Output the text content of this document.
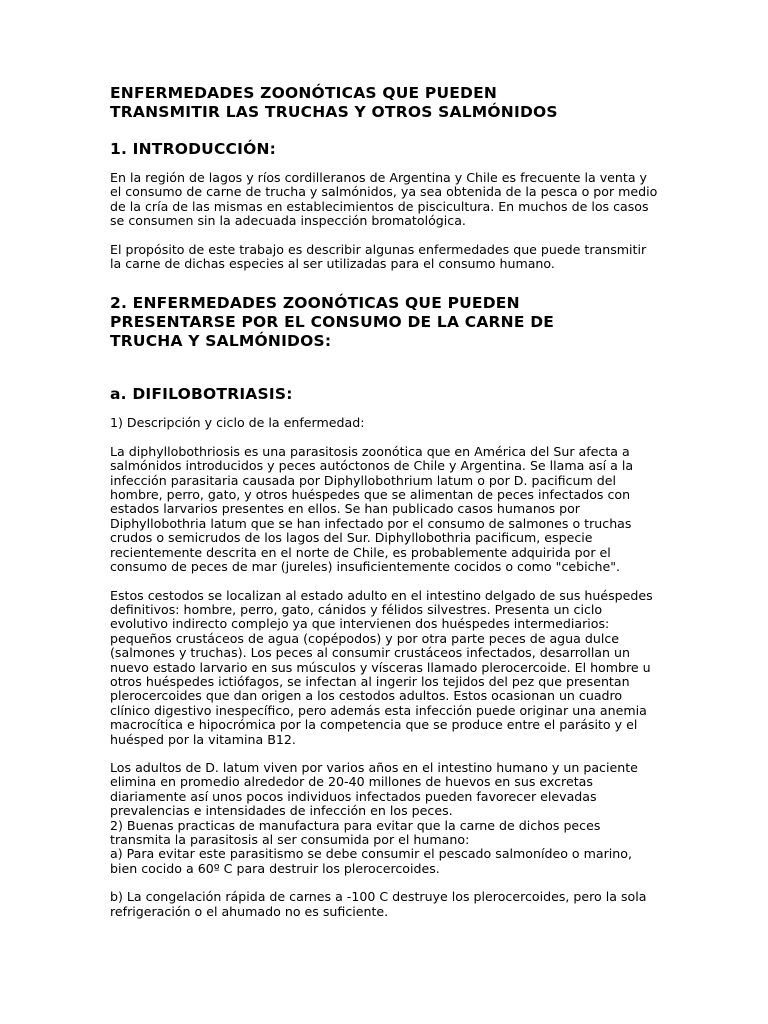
ENFERMEDADES ZOONÓTICAS QUE PUEDEN
TRANSMITIR LAS TRUCHAS Y OTROS SALMÓNIDOS
1. INTRODUCCIÓN:

En la región de lagos y ríos cordilleranos de Argentina y Chile es frecuente la venta y el consumo de carne de trucha y salmónidos, ya sea obtenida de la pesca o por medio de la cría de las mismas en establecimientos de piscicultura. En muchos de los casos se consumen sin la adecuada inspección bromatológica.

El propósito de este trabajo es describir algunas enfermedades que puede transmitir la carne de dichas especies al ser utilizadas para el consumo humano.

2. ENFERMEDADES ZOONÓTICAS QUE PUEDEN
PRESENTARSE POR EL CONSUMO DE LA CARNE DE
TRUCHA Y SALMÓNIDOS:
a. DIFILOBOTRIASIS:

1) Descripción y ciclo de la enfermedad:

La diphyllobothriosis es una parasitosis zoonótica que en América del Sur afecta a salmónidos introducidos y peces autóctonos de Chile y Argentina. Se llama así a la infección parasitaria causada por Diphyllobothrium latum o por D. pacificum del hombre, perro, gato, y otros huéspedes que se alimentan de peces infectados con estados larvarios presentes en ellos. Se han publicado casos humanos por Diphyllobothria latum que se han infectado por el consumo de salmones o truchas crudos o semicrudos de los lagos del Sur. Diphyllobothria pacificum, especie recientemente descrita en el norte de Chile, es probablemente adquirida por el consumo de peces de mar (jureles) insuficientemente cocidos o como "cebiche".

Estos cestodos se localizan al estado adulto en el intestino delgado de sus huéspedes definitivos: hombre, perro, gato, cánidos y félidos silvestres. Presenta un ciclo evolutivo indirecto complejo ya que intervienen dos huéspedes intermediarios: pequeños crustáceos de agua (copépodos) y por otra parte peces de agua dulce (salmones y truchas). Los peces al consumir crustáceos infectados, desarrollan un nuevo estado larvario en sus músculos y vísceras llamado plerocercoide. El hombre u otros huéspedes ictiófagos, se infectan al ingerir los tejidos del pez que presentan plerocercoides que dan origen a los cestodos adultos. Estos ocasionan un cuadro clínico digestivo inespecífico, pero además esta infección puede originar una anemia macrocítica e hipocrómica por la competencia que se produce entre el parásito y el huésped por la vitamina B12.

Los adultos de D. latum viven por varios años en el intestino humano y un paciente elimina en promedio alrededor de 20-40 millones de huevos en sus excretas diariamente así unos pocos individuos infectados pueden favorecer elevadas prevalencias e intensidades de infección en los peces.

2) Buenas practicas de manufactura para evitar que la carne de dichos peces transmita la parasitosis al ser consumida por el humano:

a) Para evitar este parasitismo se debe consumir el pescado salmonídeo o marino, bien cocido a 60º C para destruir los plerocercoides.

b) La congelación rápida de carnes a -100 C destruye los plerocercoides, pero la sola refrigeración o el ahumado no es suficiente.
